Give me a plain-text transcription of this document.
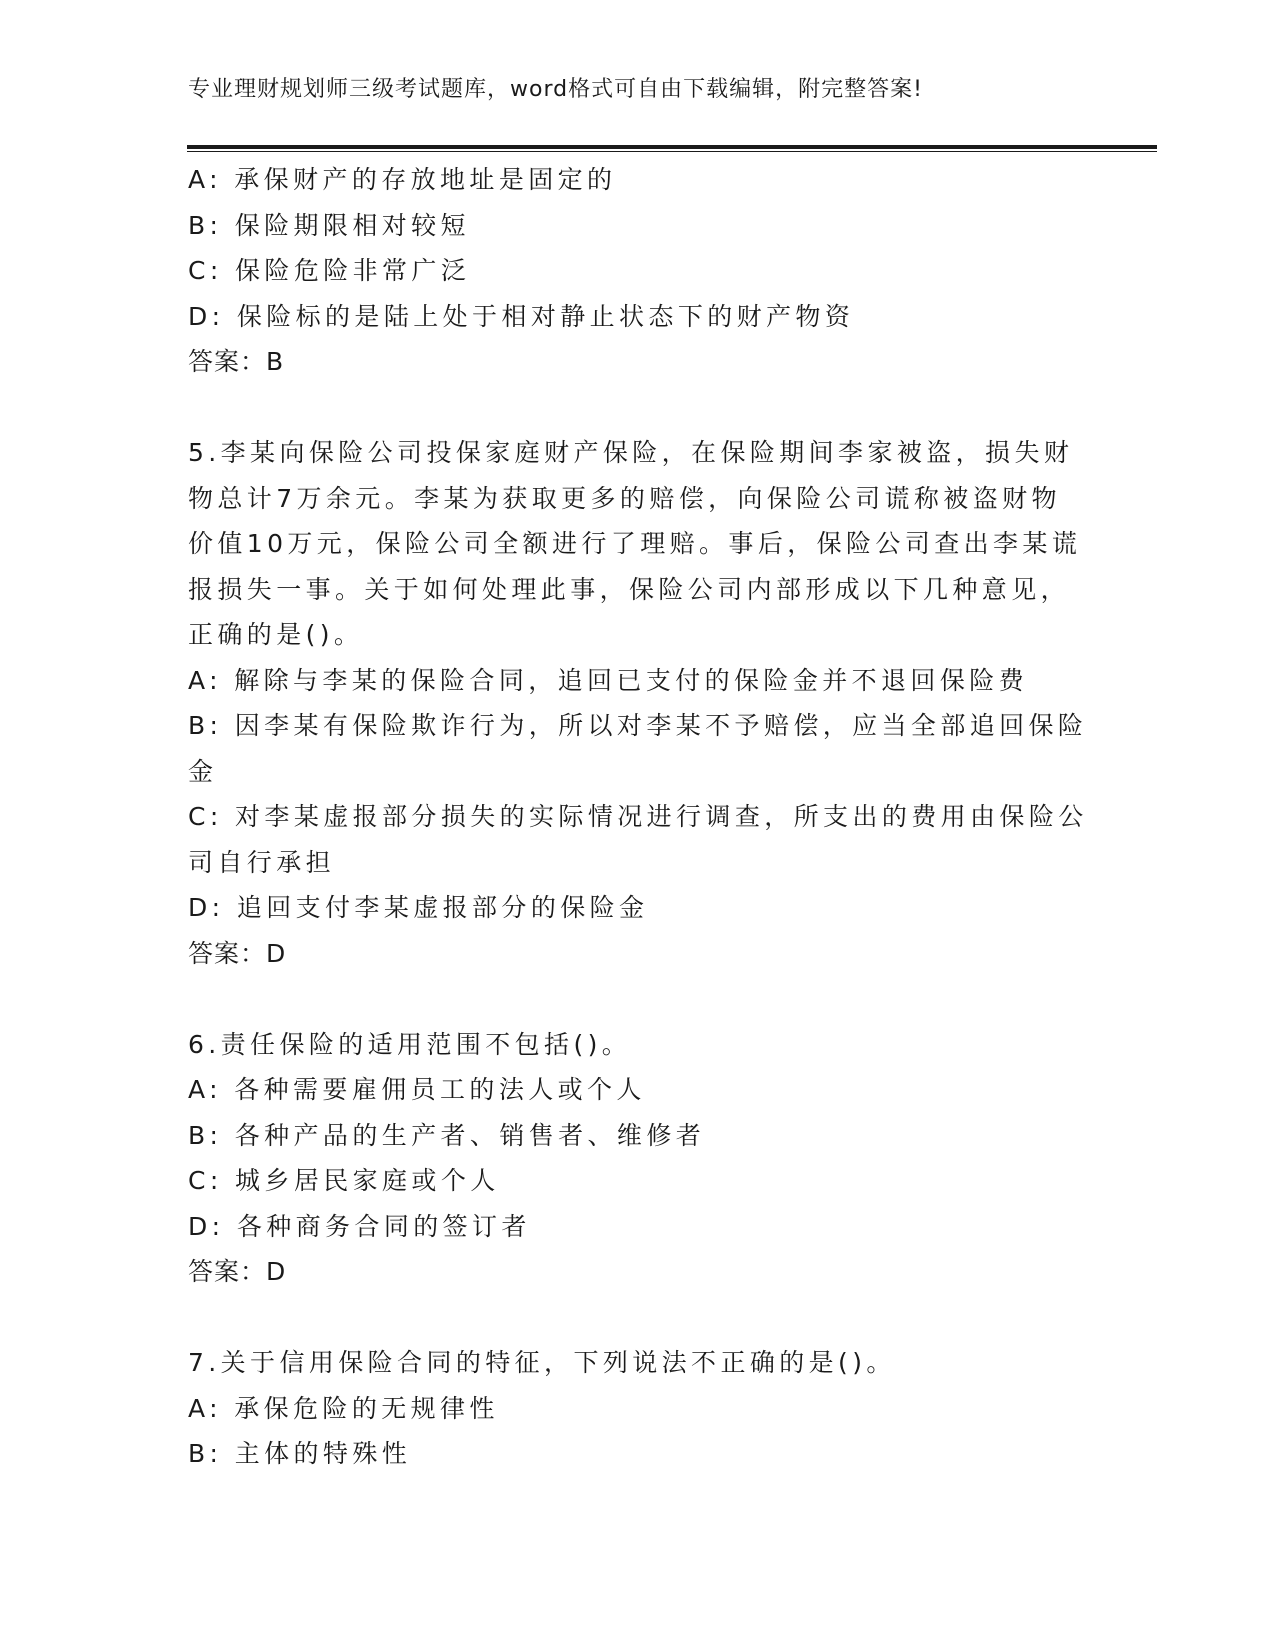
专业理财规划师三级考试题库，word格式可自由下载编辑，附完整答案!

A: 承保财产的存放地址是固定的

B: 保险期限相对较短

C: 保险危险非常广泛

D: 保险标的是陆上处于相对静止状态下的财产物资

答案：B

5.李某向保险公司投保家庭财产保险，在保险期间李家被盗，损失财

物总计7万余元。李某为获取更多的赔偿，向保险公司谎称被盗财物

价值10万元，保险公司全额进行了理赔。事后，保险公司查出李某谎

报损失一事。关于如何处理此事，保险公司内部形成以下几种意见，

正确的是()。

A: 解除与李某的保险合同，追回已支付的保险金并不退回保险费

B: 因李某有保险欺诈行为，所以对李某不予赔偿，应当全部追回保险

金

C: 对李某虚报部分损失的实际情况进行调查，所支出的费用由保险公

司自行承担

D: 追回支付李某虚报部分的保险金

答案：D

6.责任保险的适用范围不包括()。

A: 各种需要雇佣员工的法人或个人

B: 各种产品的生产者、销售者、维修者

C: 城乡居民家庭或个人

D: 各种商务合同的签订者

答案：D

7.关于信用保险合同的特征，下列说法不正确的是()。

A: 承保危险的无规律性

B: 主体的特殊性
